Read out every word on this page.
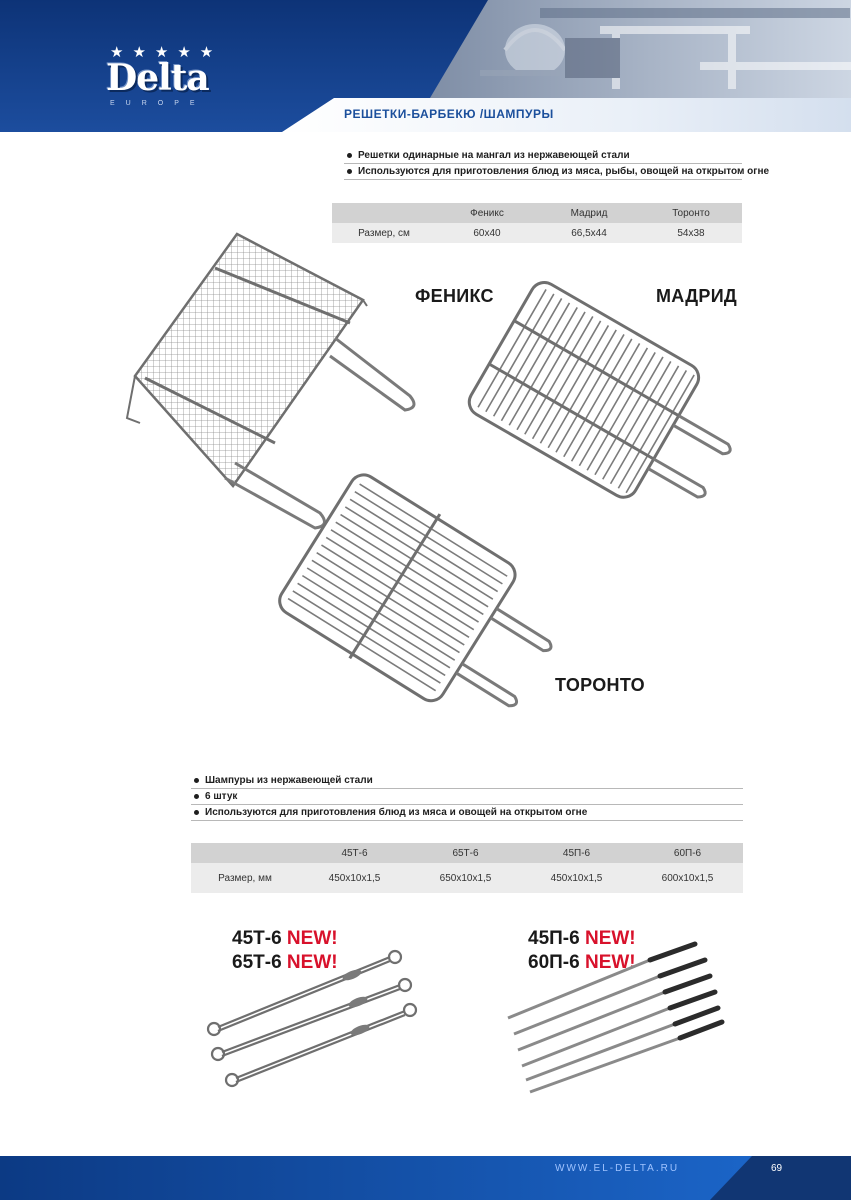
★★★★★
Delta
EUROPE
РЕШЕТКИ-БАРБЕКЮ /ШАМПУРЫ
Решетки одинарные на мангал из нержавеющей стали
Используются для приготовления блюд из мяса, рыбы, овощей на открытом огне
	Феникс	Мадрид	Торонто
Размер, см	60x40	66,5x44	54x38
ФЕНИКС	МАДРИД
ТОРОНТО
Шампуры из нержавеющей стали
6 штук
Используются для приготовления блюд из мяса и овощей на открытом огне
	45Т-6	65Т-6	45П-6	60П-6
Размер, мм	450x10x1,5	650x10x1,5	450x10x1,5	600x10x1,5
45Т-6 NEW!
65Т-6 NEW!
45П-6 NEW!
60П-6 NEW!
WWW.EL-DELTA.RU	69
